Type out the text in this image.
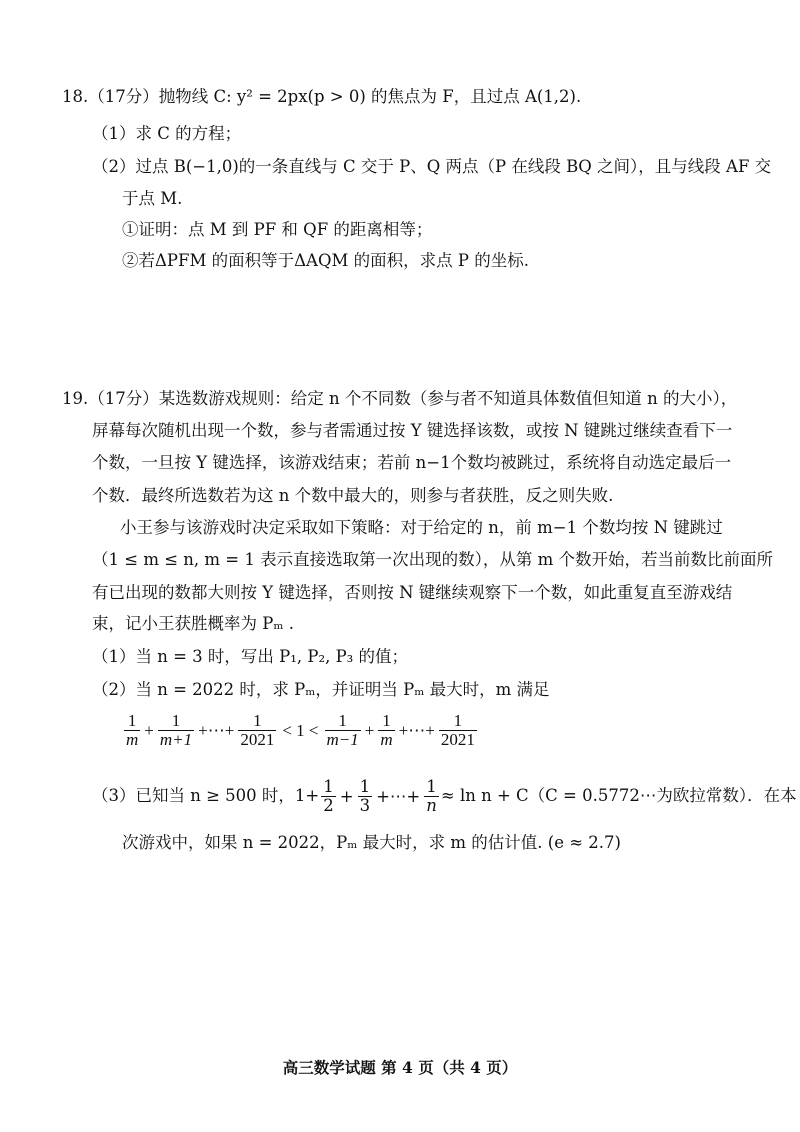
18.（17分）抛物线 C: y² = 2px(p > 0) 的焦点为 F，且过点 A(1,2).
（1）求 C 的方程；
（2）过点 B(−1,0)的一条直线与 C 交于 P、Q 两点（P 在线段 BQ 之间），且与线段 AF 交
于点 M.
①证明：点 M 到 PF 和 QF 的距离相等；
②若ΔPFM 的面积等于ΔAQM 的面积，求点 P 的坐标.
19.（17分）某选数游戏规则：给定 n 个不同数（参与者不知道具体数值但知道 n 的大小），
屏幕每次随机出现一个数，参与者需通过按 Y 键选择该数，或按 N 键跳过继续查看下一
个数，一旦按 Y 键选择，该游戏结束；若前 n−1个数均被跳过，系统将自动选定最后一
个数．最终所选数若为这 n 个数中最大的，则参与者获胜，反之则失败.
小王参与该游戏时决定采取如下策略：对于给定的 n，前 m−1 个数均按 N 键跳过
（1 ≤ m ≤ n, m = 1 表示直接选取第一次出现的数），从第 m 个数开始，若当前数比前面所
有已出现的数都大则按 Y 键选择，否则按 N 键继续观察下一个数，如此重复直至游戏结
束，记小王获胜概率为 Pₘ .
（1）当 n = 3 时，写出 P₁, P₂, P₃ 的值；
（2）当 n = 2022 时，求 Pₘ，并证明当 Pₘ 最大时，m 满足
$\frac{1}{m} + \frac{1}{m+1}$ +⋯+ $\frac{1}{2021} < 1 < \frac{1}{m-1} + \frac{1}{m}$ +⋯+ $\frac{1}{2021}$
（3）已知当 n ≥ 500 时，$1+ \frac{1}{2} + \frac{1}{3}$ +⋯+ $\frac{1}{n} \approx \ln n + C(C$ = 0.5772⋯为欧拉常数）．在本
次游戏中，如果 n = 2022，Pₘ 最大时，求 m 的估计值. (e ≈ 2.7)
高三数学试题 第 4 页（共 4 页）
